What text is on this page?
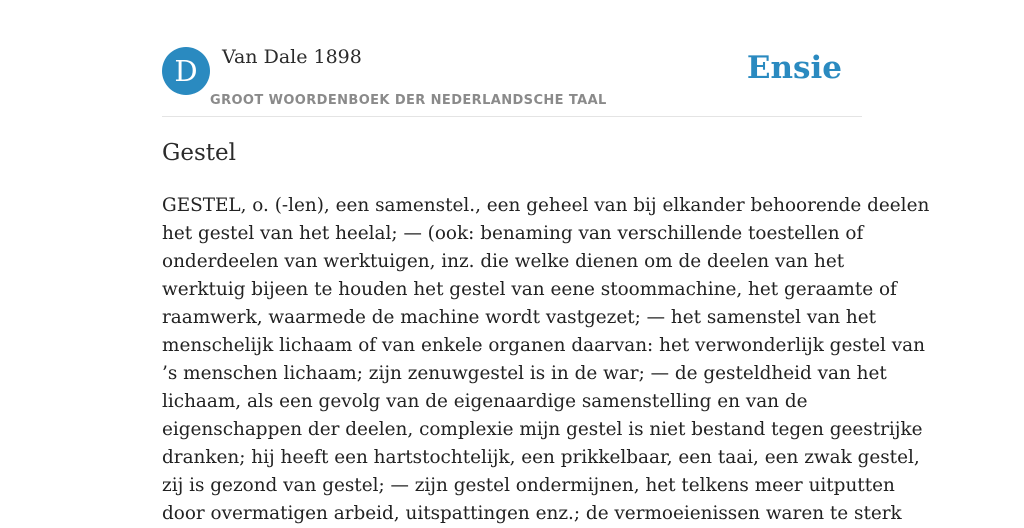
D	Van Dale 1898
GROOT WOORDENBOEK DER NEDERLANDSCHE TAAL
Ensie
Gestel
GESTEL, o. (-len), een samenstel., een geheel van bij elkander behoorende deelen
het gestel van het heelal; — (ook: benaming van verschillende toestellen of
onderdeelen van werktuigen, inz. die welke dienen om de deelen van het
werktuig bijeen te houden het gestel van eene stoommachine, het geraamte of
raamwerk, waarmede de machine wordt vastgezet; — het samenstel van het
menschelijk lichaam of van enkele organen daarvan: het verwonderlijk gestel van
’s menschen lichaam; zijn zenuwgestel is in de war; — de gesteldheid van het
lichaam, als een gevolg van de eigenaardige samenstelling en van de
eigenschappen der deelen, complexie mijn gestel is niet bestand tegen geestrijke
dranken; hij heeft een hartstochtelijk, een prikkelbaar, een taai, een zwak gestel,
zij is gezond van gestel; — zijn gestel ondermijnen, het telkens meer uitputten
door overmatigen arbeid, uitspattingen enz.; de vermoeienissen waren te sterk
